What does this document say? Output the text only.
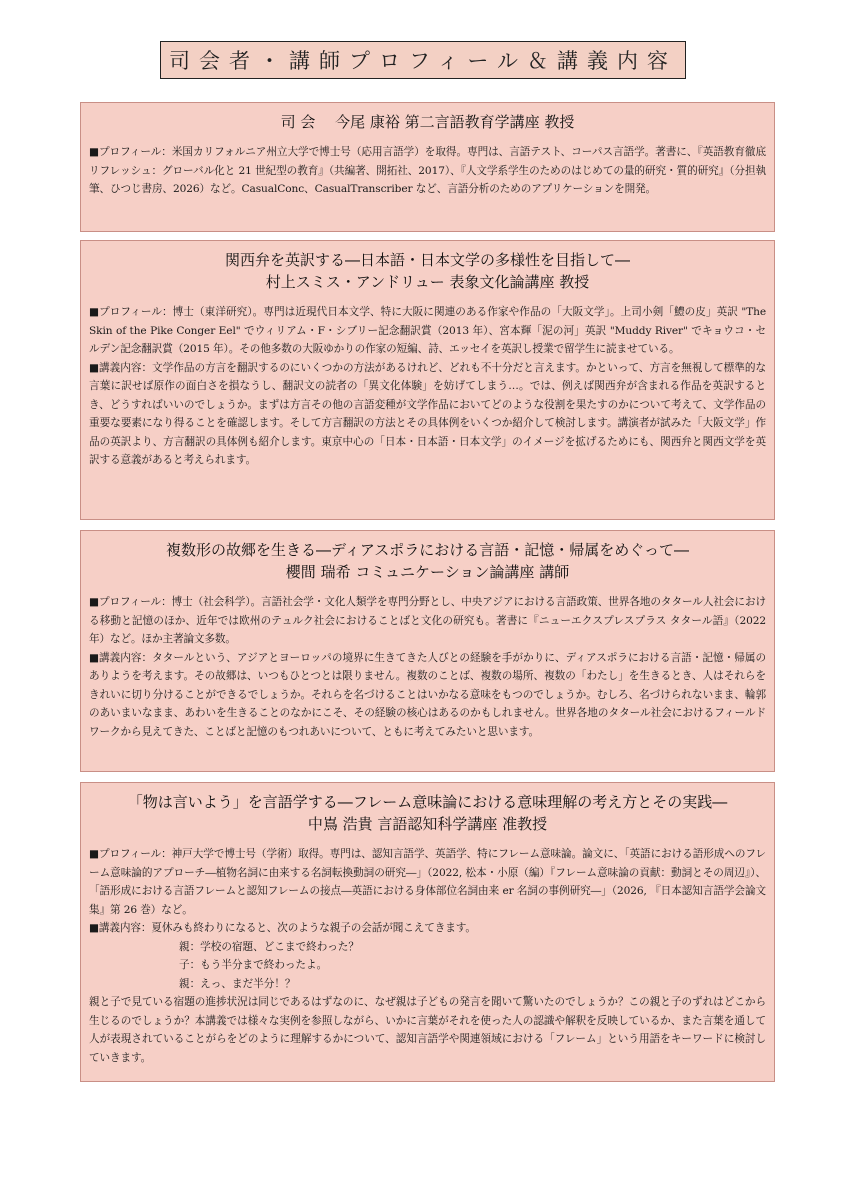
司会者・講師プロフィール＆講義内容
司 会　 今尾 康裕 第二言語教育学講座 教授

■プロフィール：米国カリフォルニア州立大学で博士号（応用言語学）を取得。専門は、言語テスト、コーパス言語学。著書に、『英語教育徹底リフレッシュ：グローバル化と 21 世紀型の教育』（共編著、開拓社、2017）、『人文学系学生のためのはじめての量的研究・質的研究』（分担執筆、ひつじ書房、2026）など。CasualConc、CasualTranscriber など、言語分析のためのアプリケーションを開発。

関西弁を英訳する―日本語・日本文学の多様性を目指して―
村上スミス・アンドリュー 表象文化論講座 教授

■プロフィール：博士（東洋研究）。専門は近現代日本文学、特に大阪に関連のある作家や作品の「大阪文学」。上司小剣「鱧の皮」英訳 "The Skin of the Pike Conger Eel" でウィリアム・F・シブリー記念翻訳賞（2013 年）、宮本輝「泥の河」英訳 "Muddy River" でキョウコ・セルデン記念翻訳賞（2015 年）。その他多数の大阪ゆかりの作家の短編、詩、エッセイを英訳し授業で留学生に読ませている。

■講義内容：文学作品の方言を翻訳するのにいくつかの方法があるけれど、どれも不十分だと言えます。かといって、方言を無視して標準的な言葉に訳せば原作の面白さを損なうし、翻訳文の読者の「異文化体験」を妨げてしまう…。では、例えば関西弁が含まれる作品を英訳するとき、どうすればいいのでしょうか。まずは方言その他の言語変種が文学作品においてどのような役割を果たすのかについて考えて、文学作品の重要な要素になり得ることを確認します。そして方言翻訳の方法とその具体例をいくつか紹介して検討します。講演者が試みた「大阪文学」作品の英訳より、方言翻訳の具体例も紹介します。東京中心の「日本・日本語・日本文学」のイメージを拡げるためにも、関西弁と関西文学を英訳する意義があると考えられます。

複数形の故郷を生きる―ディアスポラにおける言語・記憶・帰属をめぐって―
櫻間 瑞希 コミュニケーション論講座 講師

■プロフィール：博士（社会科学）。言語社会学・文化人類学を専門分野とし、中央アジアにおける言語政策、世界各地のタタール人社会における移動と記憶のほか、近年では欧州のテュルク社会におけることばと文化の研究も。著書に『ニューエクスプレスプラス タタール語』（2022 年）など。ほか主著論文多数。

■講義内容：タタールという、アジアとヨーロッパの境界に生きてきた人びとの経験を手がかりに、ディアスポラにおける言語・記憶・帰属のありようを考えます。その故郷は、いつもひとつとは限りません。複数のことば、複数の場所、複数の「わたし」を生きるとき、人はそれらをきれいに切り分けることができるでしょうか。それらを名づけることはいかなる意味をもつのでしょうか。むしろ、名づけられないまま、輪郭のあいまいなまま、あわいを生きることのなかにこそ、その経験の核心はあるのかもしれません。世界各地のタタール社会におけるフィールドワークから見えてきた、ことばと記憶のもつれあいについて、ともに考えてみたいと思います。

「物は言いよう」を言語学する―フレーム意味論における意味理解の考え方とその実践―
中嶌 浩貴 言語認知科学講座 准教授

■プロフィール：神戸大学で博士号（学術）取得。専門は、認知言語学、英語学、特にフレーム意味論。論文に、「英語における語形成へのフレーム意味論的アプローチ―植物名詞に由来する名詞転換動詞の研究―」（2022, 松本・小原（編）『フレーム意味論の貢献：動詞とその周辺』）、「語形成における言語フレームと認知フレームの接点―英語における身体部位名詞由来 er 名詞の事例研究―」（2026, 『日本認知言語学会論文集』第 26 巻）など。

■講義内容：夏休みも終わりになると、次のような親子の会話が聞こえてきます。

親：学校の宿題、どこまで終わった？
子：もう半分まで終わったよ。
親：えっ、まだ半分！？

親と子で見ている宿題の進捗状況は同じであるはずなのに、なぜ親は子どもの発言を聞いて驚いたのでしょうか？この親と子のずれはどこから生じるのでしょうか？本講義では様々な実例を参照しながら、いかに言葉がそれを使った人の認識や解釈を反映しているか、また言葉を通して人が表現されていることがらをどのように理解するかについて、認知言語学や関連領域における「フレーム」という用語をキーワードに検討していきます。
